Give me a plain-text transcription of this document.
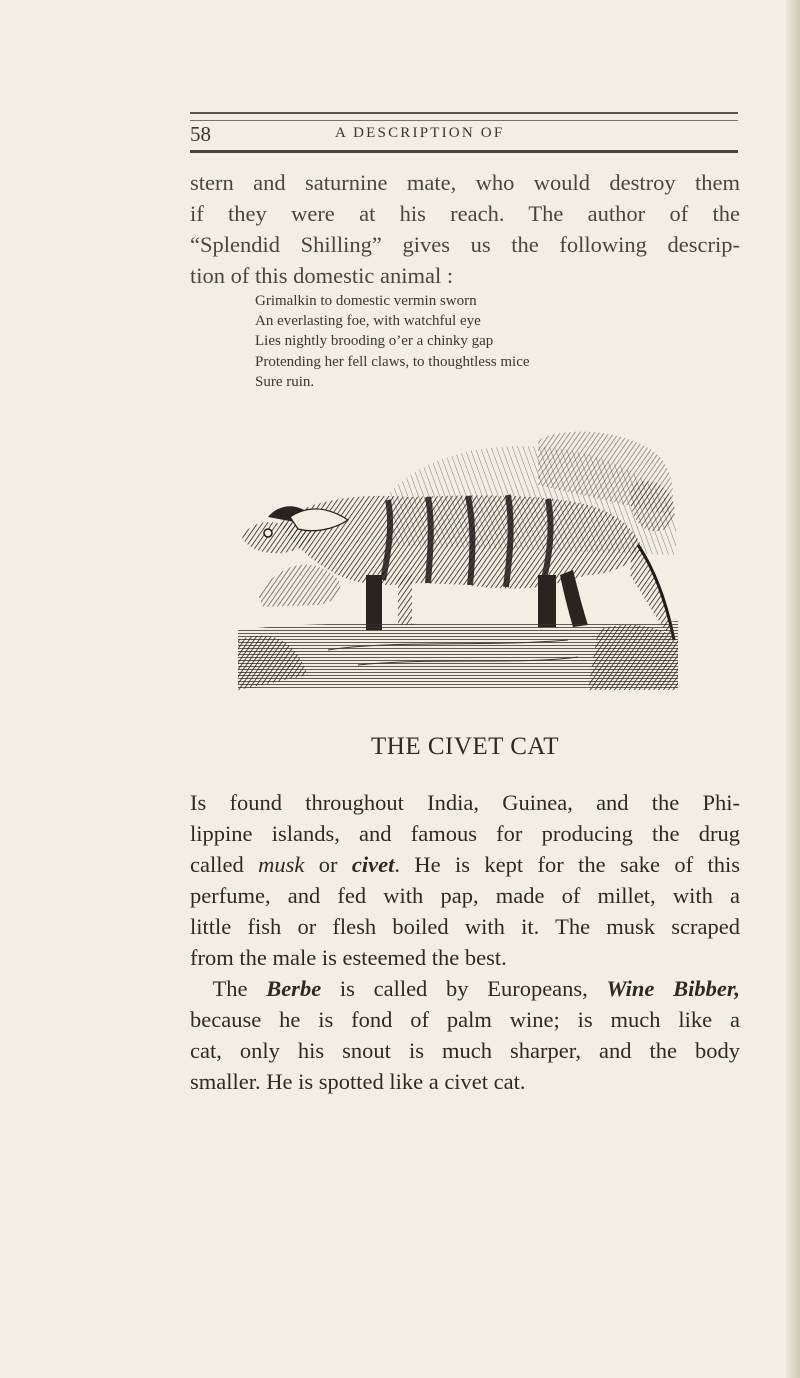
58	A DESCRIPTION OF
stern and saturnine mate, who would destroy them
if they were at his reach. The author of the
“Splendid Shilling” gives us the following descrip-
tion of this domestic animal :
Grimalkin to domestic vermin sworn
An everlasting foe, with watchful eye
Lies nightly brooding o’er a chinky gap
Protending her fell claws, to thoughtless mice
Sure ruin.
THE CIVET CAT
Is found throughout India, Guinea, and the Phi-
lippine islands, and famous for producing the drug
called musk or civet. He is kept for the sake of this
perfume, and fed with pap, made of millet, with a
little fish or flesh boiled with it. The musk scraped
from the male is esteemed the best.
 The Berbe is called by Europeans, Wine Bibber,
because he is fond of palm wine; is much like a
cat, only his snout is much sharper, and the body
smaller. He is spotted like a civet cat.
